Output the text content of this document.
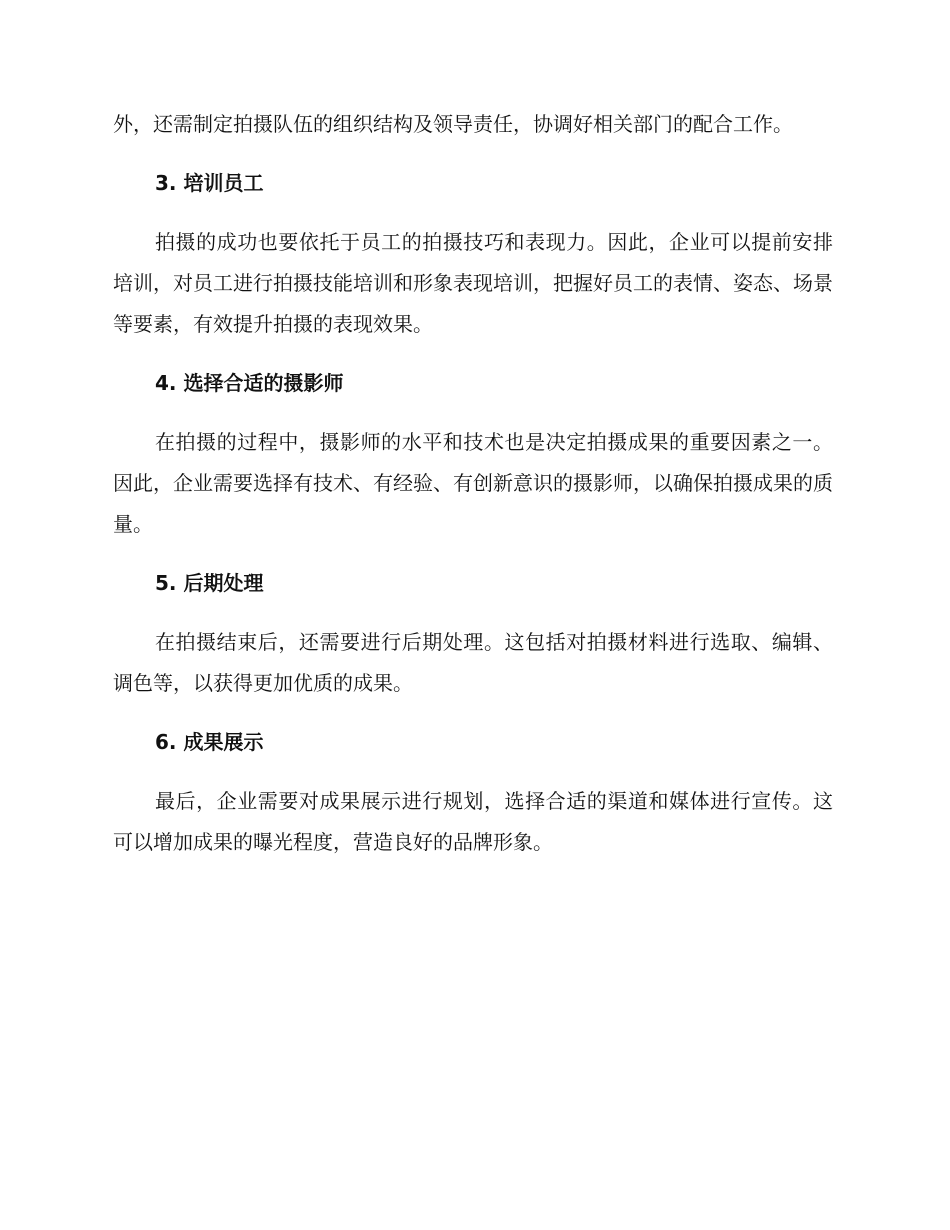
外，还需制定拍摄队伍的组织结构及领导责任，协调好相关部门的配合工作。

3. 培训员工

拍摄的成功也要依托于员工的拍摄技巧和表现力。因此，企业可以提前安排培训，对员工进行拍摄技能培训和形象表现培训，把握好员工的表情、姿态、场景等要素，有效提升拍摄的表现效果。

4. 选择合适的摄影师

在拍摄的过程中，摄影师的水平和技术也是决定拍摄成果的重要因素之一。因此，企业需要选择有技术、有经验、有创新意识的摄影师，以确保拍摄成果的质量。

5. 后期处理

在拍摄结束后，还需要进行后期处理。这包括对拍摄材料进行选取、编辑、调色等，以获得更加优质的成果。

6. 成果展示

最后，企业需要对成果展示进行规划，选择合适的渠道和媒体进行宣传。这可以增加成果的曝光程度，营造良好的品牌形象。
